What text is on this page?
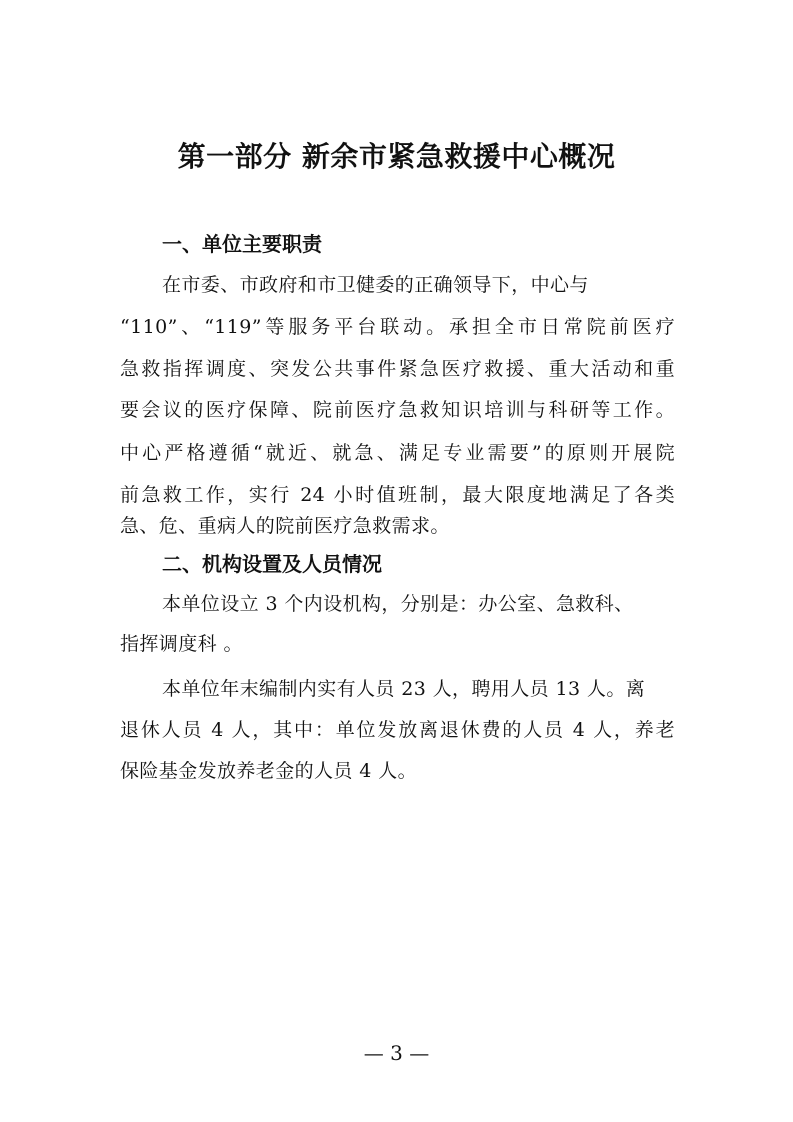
第一部分 新余市紧急救援中心概况
一、单位主要职责
在市委、市政府和市卫健委的正确领导下，中心与
“110”、“119”等服务平台联动。承担全市日常院前医疗
急救指挥调度、突发公共事件紧急医疗救援、重大活动和重
要会议的医疗保障、院前医疗急救知识培训与科研等工作。
中心严格遵循“就近、就急、满足专业需要”的原则开展院
前急救工作，实行 24 小时值班制，最大限度地满足了各类
急、危、重病人的院前医疗急救需求。
二、机构设置及人员情况
本单位设立 3 个内设机构，分别是：办公室、急救科、
指挥调度科 。
本单位年末编制内实有人员 23 人，聘用人员 13 人。离
退休人员 4 人，其中：单位发放离退休费的人员 4 人，养老
保险基金发放养老金的人员 4 人。
— 3 —
